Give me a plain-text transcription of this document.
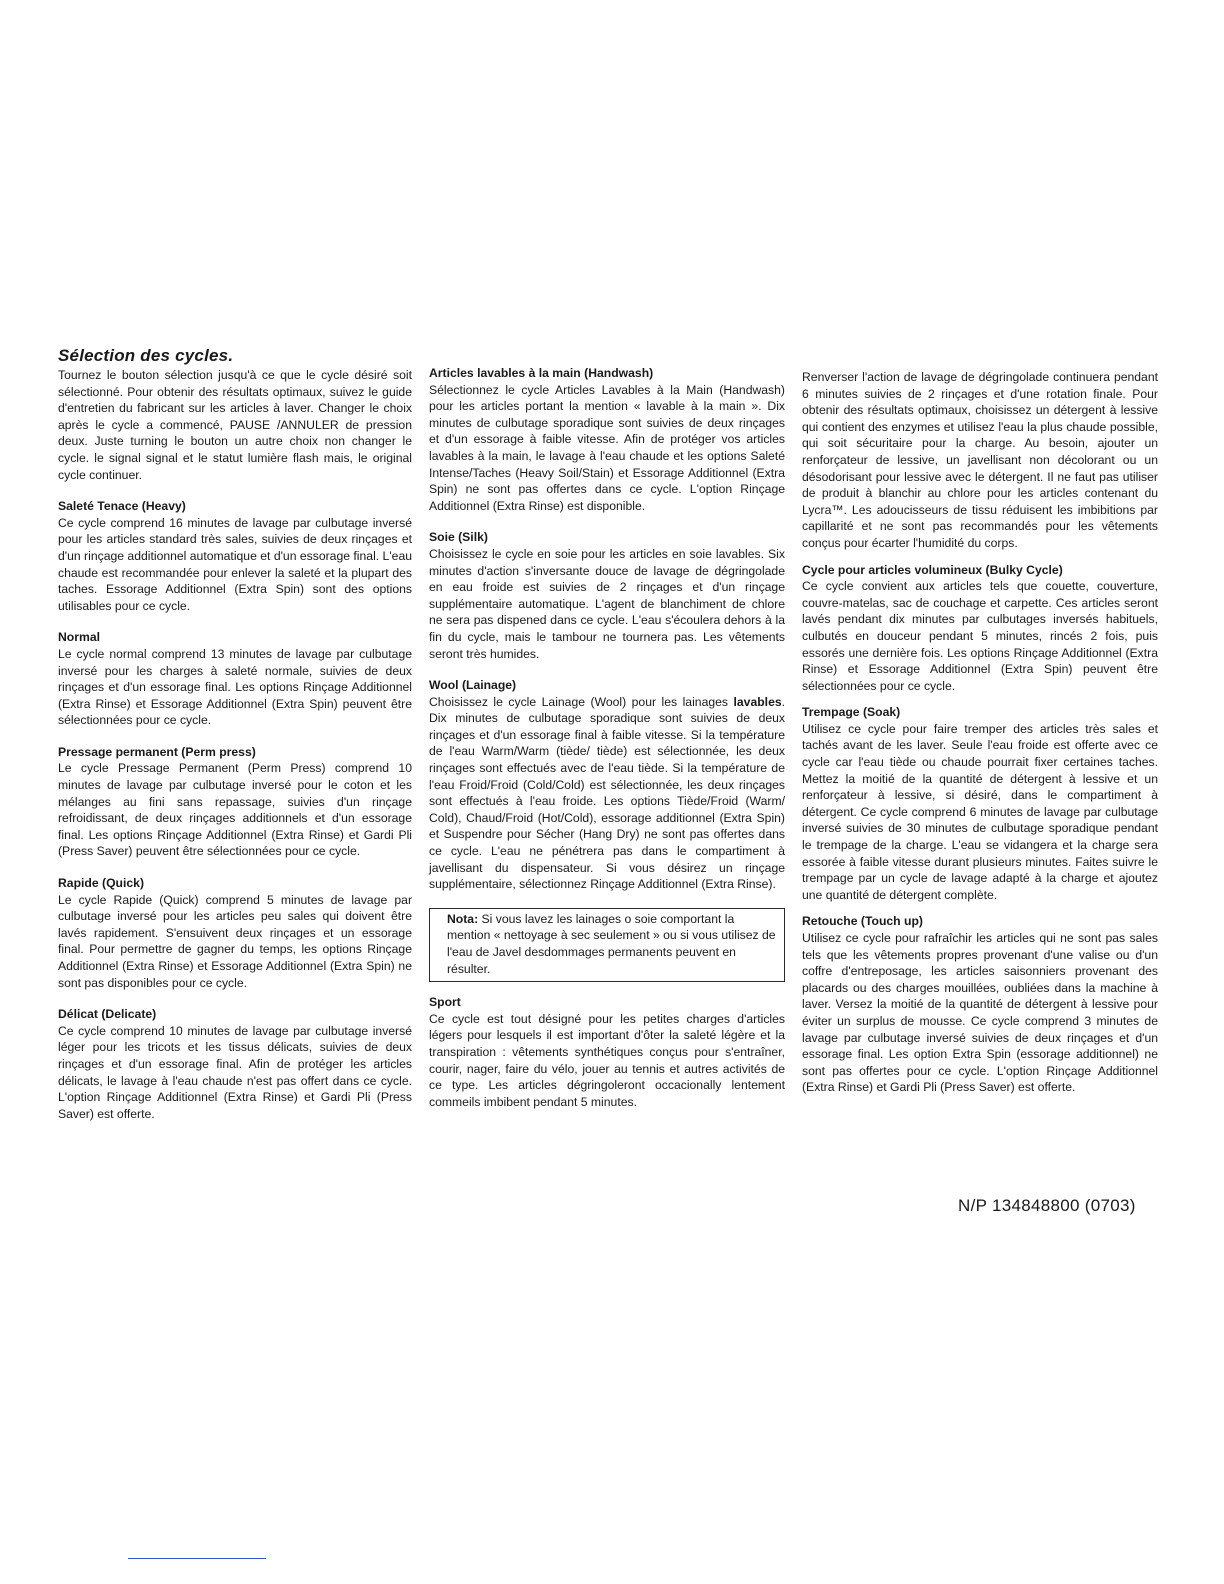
Sélection des cycles.

Tournez le bouton sélection jusqu'à ce que le cycle désiré soit sélectionné. Pour obtenir des résultats optimaux, suivez le guide d'entretien du fabricant sur les articles à laver. Changer le choix après le cycle a commencé, PAUSE /ANNULER de pression deux. Juste turning le bouton un autre choix non changer le cycle. le signal signal et le statut lumière flash mais, le original cycle continuer.

Saleté Tenace (Heavy)

Ce cycle comprend 16 minutes de lavage par culbutage inversé pour les articles standard très sales, suivies de deux rinçages et d'un rinçage additionnel automatique et d'un essorage final. L'eau chaude est recommandée pour enlever la saleté et la plupart des taches. Essorage Additionnel (Extra Spin) sont des options utilisables pour ce cycle.

Normal

Le cycle normal comprend 13 minutes de lavage par culbutage inversé pour les charges à saleté normale, suivies de deux rinçages et d'un essorage final. Les options Rinçage Additionnel (Extra Rinse) et Essorage Additionnel (Extra Spin) peuvent être sélectionnées pour ce cycle.

Pressage permanent (Perm press)

Le cycle Pressage Permanent (Perm Press) comprend 10 minutes de lavage par culbutage inversé pour le coton et les mélanges au fini sans repassage, suivies d'un rinçage refroidissant, de deux rinçages additionnels et d'un essorage final. Les options Rinçage Additionnel (Extra Rinse) et Gardi Pli (Press Saver) peuvent être sélectionnées pour ce cycle.

Rapide (Quick)

Le cycle Rapide (Quick) comprend 5 minutes de lavage par culbutage inversé pour les articles peu sales qui doivent être lavés rapidement. S'ensuivent deux rinçages et un essorage final. Pour permettre de gagner du temps, les options Rinçage Additionnel (Extra Rinse) et Essorage Additionnel (Extra Spin) ne sont pas disponibles pour ce cycle.

Délicat (Delicate)

Ce cycle comprend 10 minutes de lavage par culbutage inversé léger pour les tricots et les tissus délicats, suivies de deux rinçages et d'un essorage final. Afin de protéger les articles délicats, le lavage à l'eau chaude n'est pas offert dans ce cycle. L'option Rinçage Additionnel (Extra Rinse) et Gardi Pli (Press Saver) est offerte.

Articles lavables à la main (Handwash)

Sélectionnez le cycle Articles Lavables à la Main (Handwash) pour les articles portant la mention « lavable à la main ». Dix minutes de culbutage sporadique sont suivies de deux rinçages et d'un essorage à faible vitesse. Afin de protéger vos articles lavables à la main, le lavage à l'eau chaude et les options Saleté Intense/Taches (Heavy Soil/Stain) et Essorage Additionnel (Extra Spin) ne sont pas offertes dans ce cycle. L'option Rinçage Additionnel (Extra Rinse) est disponible.

Soie (Silk)

Choisissez le cycle en soie pour les articles en soie lavables. Six minutes d'action s'inversante douce de lavage de dégringolade en eau froide est suivies de 2 rinçages et d'un rinçage supplémentaire automatique. L'agent de blanchiment de chlore ne sera pas dispened dans ce cycle. L'eau s'écoulera dehors à la fin du cycle, mais le tambour ne tournera pas. Les vêtements seront très humides.

Wool (Lainage)

Choisissez le cycle Lainage (Wool) pour les lainages lavables. Dix minutes de culbutage sporadique sont suivies de deux rinçages et d'un essorage final à faible vitesse. Si la température de l'eau Warm/Warm (tiède/ tiède) est sélectionnée, les deux rinçages sont effectués avec de l'eau tiède. Si la température de l'eau Froid/Froid (Cold/Cold) est sélectionnée, les deux rinçages sont effectués à l'eau froide. Les options Tiède/Froid (Warm/ Cold), Chaud/Froid (Hot/Cold), essorage additionnel (Extra Spin) et Suspendre pour Sécher (Hang Dry) ne sont pas offertes dans ce cycle. L'eau ne pénétrera pas dans le compartiment à javellisant du dispensateur. Si vous désirez un rinçage supplémentaire, sélectionnez Rinçage Additionnel (Extra Rinse).

Nota: Si vous lavez les lainages o soie comportant la mention « nettoyage à sec seulement » ou si vous utilisez de l'eau de Javel desdommages permanents peuvent en résulter.
Sport

Ce cycle est tout désigné pour les petites charges d'articles légers pour lesquels il est important d'ôter la saleté légère et la transpiration : vêtements synthétiques conçus pour s'entraîner, courir, nager, faire du vélo, jouer au tennis et autres activités de ce type. Les articles dégringoleront occacionally lentement commeils imbibent pendant 5 minutes.

Renverser l'action de lavage de dégringolade continuera pendant 6 minutes suivies de 2 rinçages et d'une rotation finale. Pour obtenir des résultats optimaux, choisissez un détergent à lessive qui contient des enzymes et utilisez l'eau la plus chaude possible, qui soit sécuritaire pour la charge. Au besoin, ajouter un renforçateur de lessive, un javellisant non décolorant ou un désodorisant pour lessive avec le détergent. Il ne faut pas utiliser de produit à blanchir au chlore pour les articles contenant du Lycra™. Les adoucisseurs de tissu réduisent les imbibitions par capillarité et ne sont pas recommandés pour les vêtements conçus pour écarter l'humidité du corps.

Cycle pour articles volumineux (Bulky Cycle)

Ce cycle convient aux articles tels que couette, couverture, couvre-matelas, sac de couchage et carpette. Ces articles seront lavés pendant dix minutes par culbutages inversés habituels, culbutés en douceur pendant 5 minutes, rincés 2 fois, puis essorés une dernière fois. Les options Rinçage Additionnel (Extra Rinse) et Essorage Additionnel (Extra Spin) peuvent être sélectionnées pour ce cycle.

Trempage (Soak)

Utilisez ce cycle pour faire tremper des articles très sales et tachés avant de les laver. Seule l'eau froide est offerte avec ce cycle car l'eau tiède ou chaude pourrait fixer certaines taches. Mettez la moitié de la quantité de détergent à lessive et un renforçateur à lessive, si désiré, dans le compartiment à détergent. Ce cycle comprend 6 minutes de lavage par culbutage inversé suivies de 30 minutes de culbutage sporadique pendant le trempage de la charge. L'eau se vidangera et la charge sera essorée à faible vitesse durant plusieurs minutes. Faites suivre le trempage par un cycle de lavage adapté à la charge et ajoutez une quantité de détergent complète.

Retouche (Touch up)

Utilisez ce cycle pour rafraîchir les articles qui ne sont pas sales tels que les vêtements propres provenant d'une valise ou d'un coffre d'entreposage, les articles saisonniers provenant des placards ou des charges mouillées, oubliées dans la machine à laver. Versez la moitié de la quantité de détergent à lessive pour éviter un surplus de mousse. Ce cycle comprend 3 minutes de lavage par culbutage inversé suivies de deux rinçages et d'un essorage final. Les option Extra Spin (essorage additionnel) ne sont pas offertes pour ce cycle. L'option Rinçage Additionnel (Extra Rinse) et Gardi Pli (Press Saver) est offerte.

N/P 134848800 (0703)
